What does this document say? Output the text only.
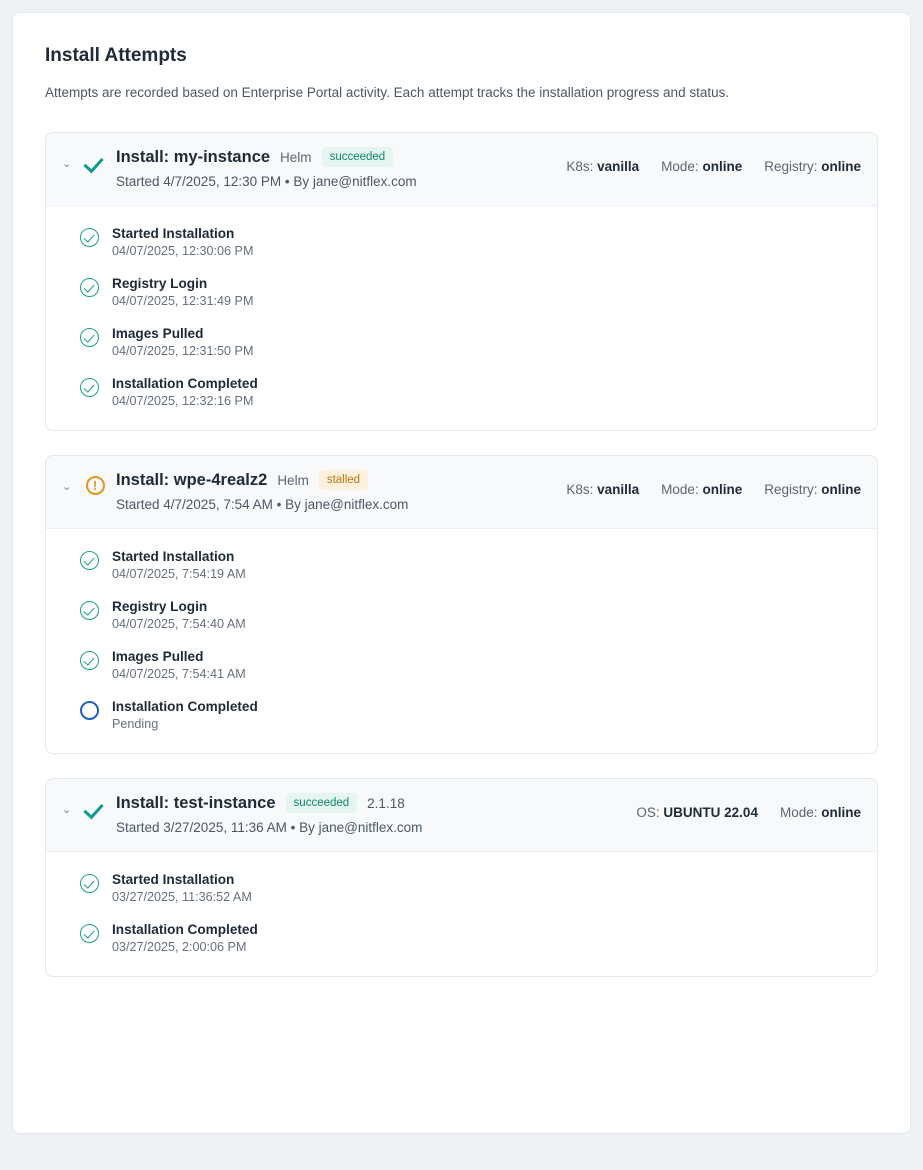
Install Attempts

Attempts are recorded based on Enterprise Portal activity. Each attempt tracks the installation progress and status.

⌄	Install: my-instance Helm	succeeded
Started 4/7/2025, 12:30 PM • By jane@nitflex.com
K8s: vanilla Mode: online Registry: online
Started Installation
04/07/2025, 12:30:06 PM
Registry Login
04/07/2025, 12:31:49 PM
Images Pulled
04/07/2025, 12:31:50 PM
Installation Completed
04/07/2025, 12:32:16 PM
⌄	!	Install: wpe-4realz2 Helm	stalled
Started 4/7/2025, 7:54 AM • By jane@nitflex.com
K8s: vanilla Mode: online Registry: online
Started Installation
04/07/2025, 7:54:19 AM
Registry Login
04/07/2025, 7:54:40 AM
Images Pulled
04/07/2025, 7:54:41 AM
Installation Completed
Pending
⌄	Install: test-instance	succeeded	2.1.18
Started 3/27/2025, 11:36 AM • By jane@nitflex.com
OS: UBUNTU 22.04 Mode: online
Started Installation
03/27/2025, 11:36:52 AM
Installation Completed
03/27/2025, 2:00:06 PM
